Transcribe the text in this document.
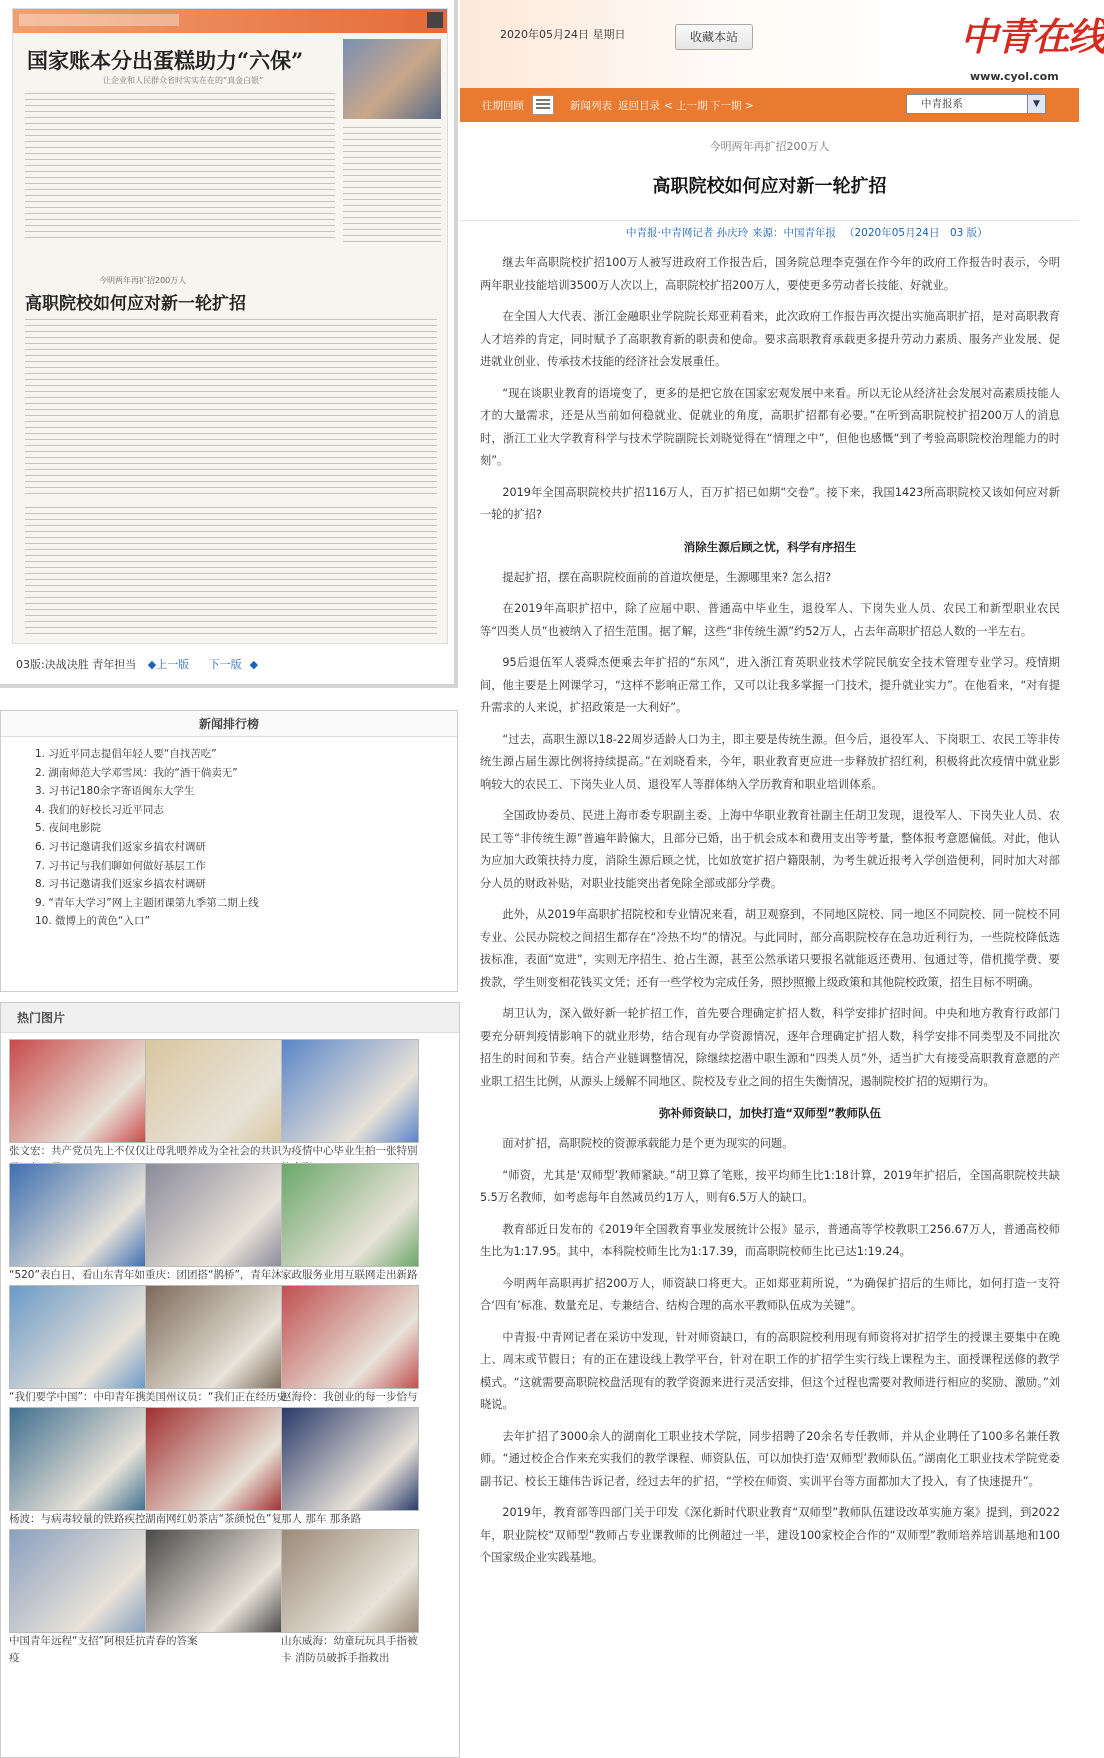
国家账本分出蛋糕助力“六保”
让企业和人民群众省时实实在在的“真金白银”
今明两年再扩招200万人
高职院校如何应对新一轮扩招
03版:决战决胜 青年担当 ◆上一版 下一版 ◆
新闻排行榜
1. 习近平同志提倡年轻人要“自找苦吃”
2. 湖南师范大学邓雪凤：我的“酒干倘卖无”
3. 习书记180余字寄语闽东大学生
4. 我们的好校长习近平同志
5. 夜间电影院
6. 习书记邀请我们返家乡搞农村调研
7. 习书记与我们聊如何做好基层工作
8. 习书记邀请我们返家乡搞农村调研
9. “青年大学习”网上主题团课第九季第二期上线
10. 微博上的黄色“入口”
热门图片
张文宏：共产党员先上不仅仅 让母乳喂养成为全社会的共识 为疫情中心毕业生拍一张特别
“520”表白日，看山东青年如 重庆：团团搭“鹊桥”，青年沐 家政服务业用互联网走出新路
“我们要学中国”：中印青年携 美国州议员：“我们正在经历史
赵海伶：我创业的每一步恰与
杨波：与病毒较量的铁路疾控 湖南网红奶茶店“茶颜悦色”复 那人 那车 那条路
中国青年远程“支招”阿根廷抗疫
青春的答案	山东威海：幼童玩玩具手指被卡 消防员破拆手指救出
2020年05月24日 星期日	收藏本站	中青在线
www.cyol.com
往期回顾	新闻列表 返回目录 < 上一期 下一期 >	中青报系	▼
今明两年再扩招200万人
高职院校如何应对新一轮扩招
中青报·中青网记者 孙庆玲 来源：中国青年报 （2020年05月24日　03 版）
继去年高职院校扩招100万人被写进政府工作报告后，国务院总理李克强在作今年的政府工作报告时表示，今明两年职业技能培训3500万人次以上，高职院校扩招200万人，要使更多劳动者长技能、好就业。
在全国人大代表、浙江金融职业学院院长郑亚莉看来，此次政府工作报告再次提出实施高职扩招，是对高职教育人才培养的肯定，同时赋予了高职教育新的职责和使命。要求高职教育承载更多提升劳动力素质、服务产业发展、促进就业创业、传承技术技能的经济社会发展重任。
“现在谈职业教育的语境变了，更多的是把它放在国家宏观发展中来看。所以无论从经济社会发展对高素质技能人才的大量需求，还是从当前如何稳就业、促就业的角度，高职扩招都有必要。”在听到高职院校扩招200万人的消息时，浙江工业大学教育科学与技术学院副院长刘晓觉得在“情理之中”，但他也感慨“到了考验高职院校治理能力的时刻”。
2019年全国高职院校共扩招116万人，百万扩招已如期“交卷”。接下来，我国1423所高职院校又该如何应对新一轮的扩招?
消除生源后顾之忧，科学有序招生
提起扩招，摆在高职院校面前的首道坎便是，生源哪里来? 怎么招?
在2019年高职扩招中，除了应届中职、普通高中毕业生，退役军人、下岗失业人员、农民工和新型职业农民等“四类人员”也被纳入了招生范围。据了解，这些“非传统生源”约52万人，占去年高职扩招总人数的一半左右。
95后退伍军人裘舜杰便乘去年扩招的“东风”，进入浙江育英职业技术学院民航安全技术管理专业学习。疫情期间，他主要是上网课学习，“这样不影响正常工作，又可以让我多掌握一门技术，提升就业实力”。在他看来，“对有提升需求的人来说，扩招政策是一大利好”。
“过去，高职生源以18-22周岁适龄人口为主，即主要是传统生源。但今后，退役军人、下岗职工、农民工等非传统生源占届生源比例将持续提高。”在刘晓看来，今年，职业教育更应进一步释放扩招红利，积极将此次疫情中就业影响较大的农民工、下岗失业人员、退役军人等群体纳入学历教育和职业培训体系。
全国政协委员、民进上海市委专职副主委、上海中华职业教育社副主任胡卫发现，退役军人、下岗失业人员、农民工等“非传统生源”普遍年龄偏大，且部分已婚，出于机会成本和费用支出等考量，整体报考意愿偏低。对此，他认为应加大政策扶持力度，消除生源后顾之忧，比如放宽扩招户籍限制，为考生就近报考入学创造便利，同时加大对部分人员的财政补贴，对职业技能突出者免除全部或部分学费。
此外，从2019年高职扩招院校和专业情况来看，胡卫观察到，不同地区院校、同一地区不同院校、同一院校不同专业、公民办院校之间招生都存在“冷热不均”的情况。与此同时，部分高职院校存在急功近利行为，一些院校降低选拔标准，表面“宽进”，实则无序招生、抢占生源，甚至公然承诺只要报名就能返还费用、包通过等，借机揽学费、要拨款，学生则变相花钱买文凭；还有一些学校为完成任务，照抄照搬上级政策和其他院校政策，招生目标不明确。
胡卫认为，深入做好新一轮扩招工作，首先要合理确定扩招人数，科学安排扩招时间。中央和地方教育行政部门要充分研判疫情影响下的就业形势，结合现有办学资源情况，逐年合理确定扩招人数，科学安排不同类型及不同批次招生的时间和节奏。结合产业链调整情况，除继续挖潜中职生源和“四类人员”外，适当扩大有接受高职教育意愿的产业职工招生比例，从源头上缓解不同地区、院校及专业之间的招生失衡情况，遏制院校扩招的短期行为。
弥补师资缺口，加快打造“双师型”教师队伍
面对扩招，高职院校的资源承载能力是个更为现实的问题。
“师资，尤其是‘双师型’教师紧缺。”胡卫算了笔账，按平均师生比1:18计算，2019年扩招后，全国高职院校共缺5.5万名教师，如考虑每年自然减员约1万人，则有6.5万人的缺口。
教育部近日发布的《2019年全国教育事业发展统计公报》显示，普通高等学校教职工256.67万人，普通高校师生比为1:17.95。其中，本科院校师生比为1:17.39，而高职院校师生比已达1:19.24。
今明两年高职再扩招200万人，师资缺口将更大。正如郑亚莉所说，“为确保扩招后的生师比，如何打造一支符合‘四有’标准、数量充足、专兼结合、结构合理的高水平教师队伍成为关键”。
中青报·中青网记者在采访中发现，针对师资缺口，有的高职院校利用现有师资将对扩招学生的授课主要集中在晚上、周末或节假日；有的正在建设线上教学平台，针对在职工作的扩招学生实行线上课程为主、面授课程送修的教学模式。“这就需要高职院校盘活现有的教学资源来进行灵活安排，但这个过程也需要对教师进行相应的奖励、激励。”刘晓说。
去年扩招了3000余人的湖南化工职业技术学院，同步招聘了20余名专任教师，并从企业聘任了100多名兼任教师。“通过校企合作来充实我们的教学课程、师资队伍，可以加快打造‘双师型’教师队伍。”湖南化工职业技术学院党委副书记、校长王雄伟告诉记者，经过去年的扩招，“学校在师资、实训平台等方面都加大了投入，有了快速提升”。
2019年，教育部等四部门关于印发《深化新时代职业教育“双师型”教师队伍建设改革实施方案》提到，到2022年，职业院校“双师型”教师占专业课教师的比例超过一半，建设100家校企合作的“双师型”教师培养培训基地和100个国家级企业实践基地。
